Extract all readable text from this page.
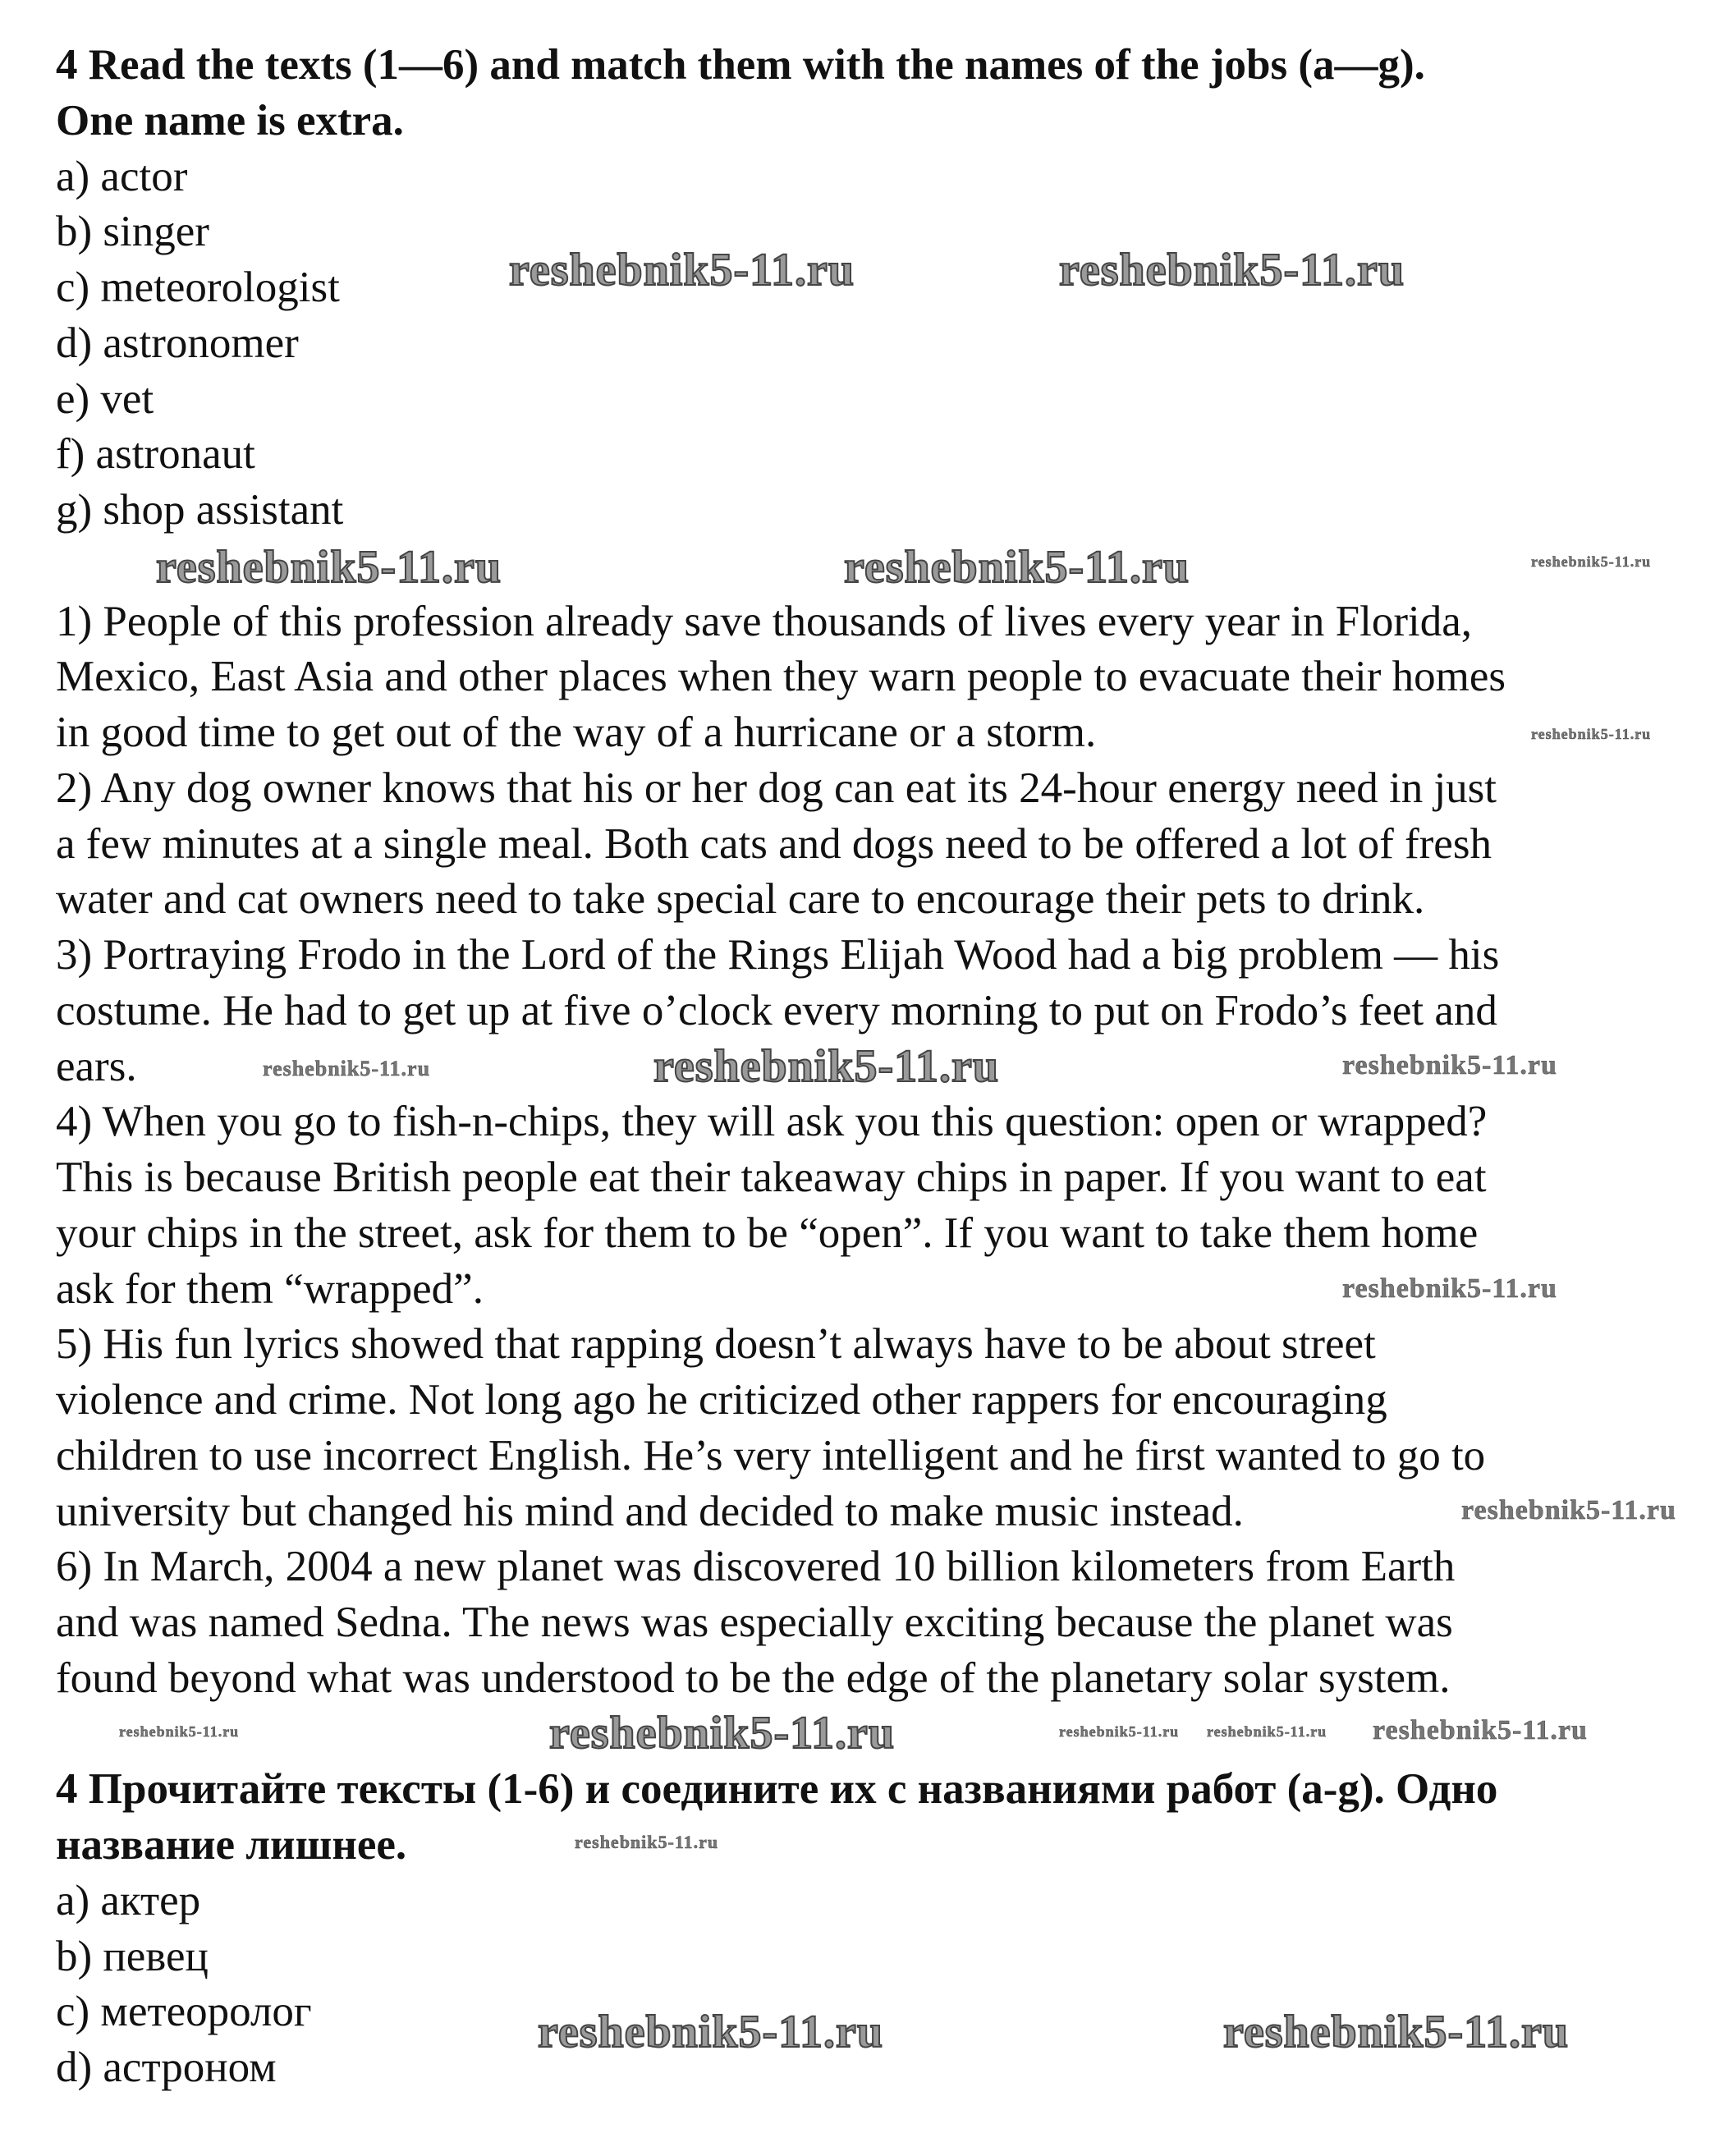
4 Read the texts (1—6) and match them with the names of the jobs (a—g).
One name is extra.
a) actor
b) singer
c) meteorologist
d) astronomer
e) vet
f) astronaut
g) shop assistant
1) People of this profession already save thousands of lives every year in Florida,
Mexico, East Asia and other places when they warn people to evacuate their homes
in good time to get out of the way of a hurricane or a storm.
2) Any dog owner knows that his or her dog can eat its 24-hour energy need in just
a few minutes at a single meal. Both cats and dogs need to be offered a lot of fresh
water and cat owners need to take special care to encourage their pets to drink.
3) Portraying Frodo in the Lord of the Rings Elijah Wood had a big problem — his
costume. He had to get up at five o’clock every morning to put on Frodo’s feet and
ears.
4) When you go to fish-n-chips, they will ask you this question: open or wrapped?
This is because British people eat their takeaway chips in paper. If you want to eat
your chips in the street, ask for them to be “open”. If you want to take them home
ask for them “wrapped”.
5) His fun lyrics showed that rapping doesn’t always have to be about street
violence and crime. Not long ago he criticized other rappers for encouraging
children to use incorrect English. He’s very intelligent and he first wanted to go to
university but changed his mind and decided to make music instead.
6) In March, 2004 a new planet was discovered 10 billion kilometers from Earth
and was named Sedna. The news was especially exciting because the planet was
found beyond what was understood to be the edge of the planetary solar system.
4 Прочитайте тексты (1-6) и соедините их с названиями работ (a-g). Одно
название лишнее.
a) актер
b) певец
c) метеоролог
d) астроном
reshebnik5-11.ru	reshebnik5-11.ru
reshebnik5-11.ru	reshebnik5-11.ru
reshebnik5-11.ru
reshebnik5-11.ru
reshebnik5-11.ru	reshebnik5-11.ru
reshebnik5-11.ru
reshebnik5-11.ru
reshebnik5-11.ru reshebnik5-11.ru
reshebnik5-11.ru
reshebnik5-11.ru
reshebnik5-11.ru
reshebnik5-11.ru
reshebnik5-11.ru
reshebnik5-11.ru
reshebnik5-11.ru
